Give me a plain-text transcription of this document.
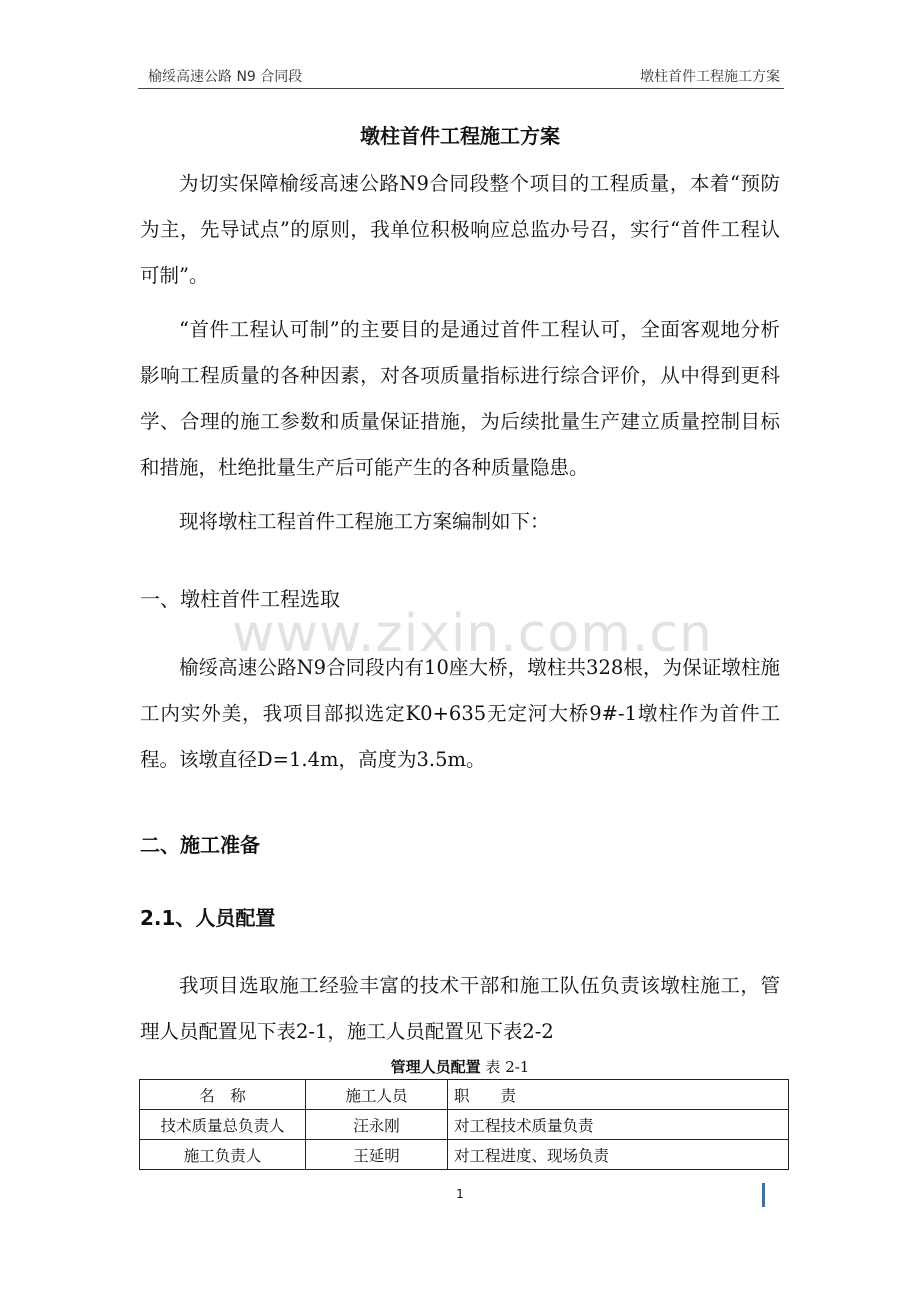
榆绥高速公路 N9 合同段	墩柱首件工程施工方案
墩柱首件工程施工方案

为切实保障榆绥高速公路N9合同段整个项目的工程质量，本着“预防为主，先导试点”的原则，我单位积极响应总监办号召，实行“首件工程认可制”。

“首件工程认可制”的主要目的是通过首件工程认可，全面客观地分析影响工程质量的各种因素，对各项质量指标进行综合评价，从中得到更科学、合理的施工参数和质量保证措施，为后续批量生产建立质量控制目标和措施，杜绝批量生产后可能产生的各种质量隐患。

现将墩柱工程首件工程施工方案编制如下：

一、墩柱首件工程选取
www.zixin.com.cn

榆绥高速公路N9合同段内有10座大桥，墩柱共328根，为保证墩柱施工内实外美，我项目部拟选定K0+635无定河大桥9#-1墩柱作为首件工程。该墩直径D=1.4m，高度为3.5m。

二、施工准备
2.1、人员配置

我项目选取施工经验丰富的技术干部和施工队伍负责该墩柱施工，管理人员配置见下表2-1，施工人员配置见下表2-2

管理人员配置 表 2-1
名　称	施工人员	职　　责
技术质量总负责人	汪永刚	对工程技术质量负责
施工负责人	王延明	对工程进度、现场负责
1
